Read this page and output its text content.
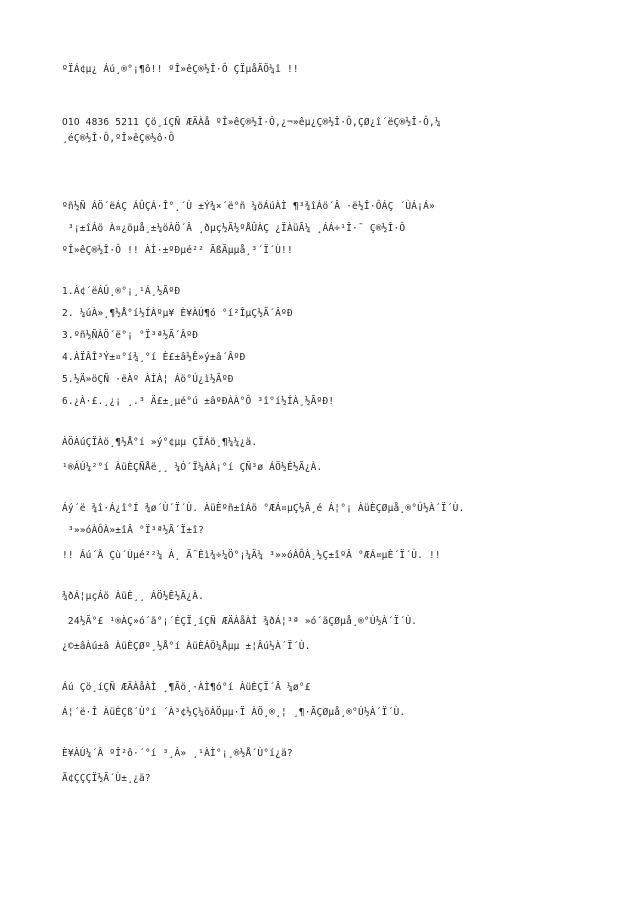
ºÏÁ¢µ¿ Áú¸®°¡¶ô!! ºÎ»êÇ®½Î·Ô ÇÏµåÃÖ¼î !!
O1O 4836 5211 Çö¸íÇÑ ÆÄÀå ºÎ»êÇ®½Î·Ô,¿¬»êµ¿Ç®½Î·Ô,ÇØ¿î´ëÇ®½Î·Ô,¼
¸éÇ®½Î·Ô,ºÎ»êÇ®½ô·Ô
ºñ½Ñ ÁÖ´ëÁÇ ÁÛÇÁ·Î°¸´Ù ±Ý¾×´ë°ñ ¼öÁúÀÌ ¶³¾îÁö´Â ·ë½Î·ÔÁÇ ´ÙÁ¡Á»
³¡±îÁö À¤¿öµå¸±¼öÀÖ´Â ¸ðµç½Ã½ºÅÛÀÇ ¿ÏÀüÃ¼ ¸ÁÁ÷¹Î·¯ Ç®½Î·Ô
ºÎ»êÇ®½Î·Ô !! ÀÌ·±ºÐµé²² ÃßÃµµå¸³´Ï´Ù!!
1.À¢´ëÁÛ¸®°¡¸¹Á¸½ÃºÐ
2. ¼úÀ»¸¶½Å°í½ÍÀºµ¥ È¥ÀÚ¶ó °í²ÎµÇ½Ã´ÂºÐ
3.ºñ½ÑÀÖ´ë°¡ °Ï³ª½Ã´ÂºÐ
4.ÀÏÂÎ³Ý±¤°í¾¸°í È£±â½Ê»ý±â´ÂºÐ
5.½Ä»öÇÑ ·ëÀº ÀÌÀ¦ Áö°Ú¿ì½ÃºÐ
6.¿À·£.¸¿¡ ¸.³ Ä£±¸µé°ú ±âºÐÀÀ°Ô ³î°í½ÍÀ¸½ÃºÐ!
ÀÖÀúÇÏÀö¸¶½Å°í »ý°¢µµ ÇÏÁö¸¶¼¼¿ä.
¹®ÀÚ¼²°í ÀüÈÇÑÅë¸¸ ¼Ó´Ï¼ÀÀ¡°í ÇÑ³ø ÁÖ½Ê½Ã¿À.
Áý´ë ¾î·Á¿î°Í ¾ø´Ù´Ï´Ù. ÀüÈºñ±îÁö °ÆÁ¤µÇ½Ã¸é Á¦°¡ ÀüÈÇØµå¸®°Ú½À´Ï´Ù.
³»»óÀÔÀ»±îÂ °Ï³ª½Ã´Ï±î?
!! Áú´Â Çù´Ùµé²²¼ Á¸ Ã¯Èì¾÷¼Ö°¡¼Ä¼ ³»»óÀÔÀ¸½Ç±îºÂ °ÆÁ¤µÈ´Ï´Ù. !!
¾ðÁ¦µçÁö ÀüÈ¸¸ ÁÖ½Ê½Ã¿À.
24½Ã°£ ¹®ÀÇ»ó´ã°¡´ÉÇÏ¸íÇÑ ÆÄÀåÀÌ ¾ðÁ¦³ª »ó´ãÇØµå¸®°Ú½À´Ï´Ù.
¿©±âÀú±â ÀüÈÇØº¸½Å°í ÀüÈÁÖ¼Åµµ ±¦Âú½À´Ï´Ù.
Áú Çö¸íÇÑ ÆÄÀåÀÌ ¸¶Ãö¸·ÀÌ¶ó°í ÀüÈÇÏ´Â ¼ø°£
Á¦´ë·Î ÀüÈÇß´Ù°í ´À³¢½Ç¼öÀÖµµ·Ï ÀÖ¸®¸¦ ¸¶·ÃÇØµå¸®°Ú½À´Ï´Ù.
È¥ÀÚ¼´Â ºÎ²ô·´°í ³¸À» ¸¹ÀÌ°¡¸®½Å´Ù°í¿ä?
Ã¢ÇÇÇÏ½Ã´Ù±¸¿ä?
